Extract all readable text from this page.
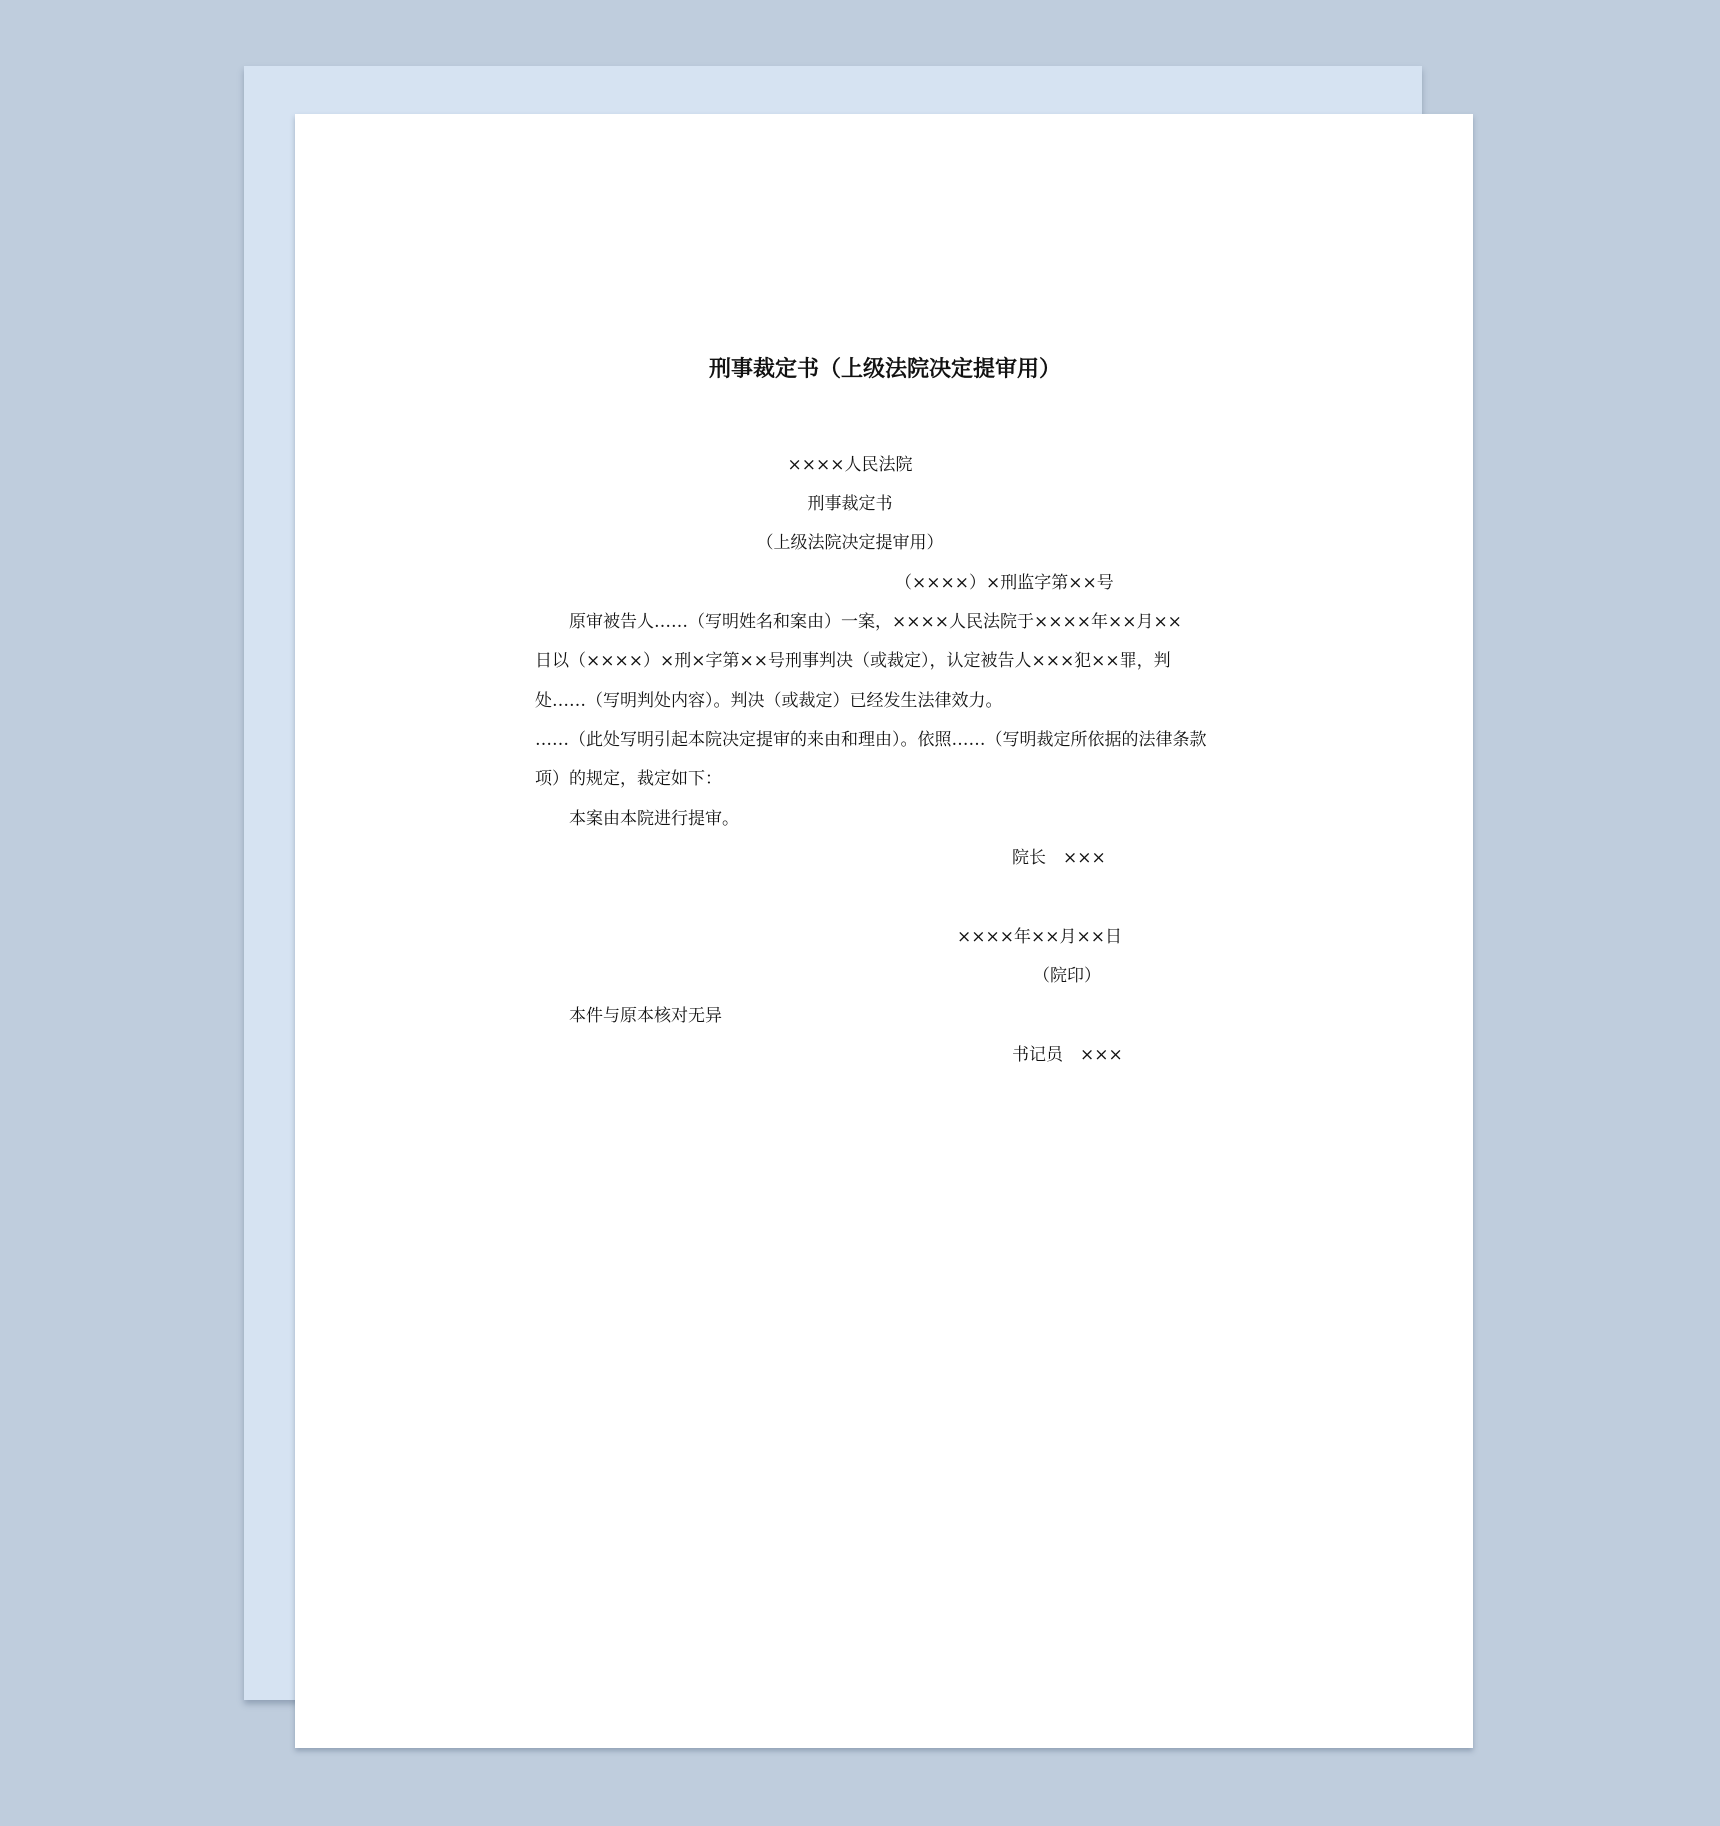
刑事裁定书（上级法院决定提审用）

××××人民法院

刑事裁定书

（上级法院决定提审用）

（××××）×刑监字第××号

原审被告人……（写明姓名和案由）一案，××××人民法院于××××年××月××

日以（××××）×刑×字第××号刑事判决（或裁定），认定被告人×××犯××罪，判

处……（写明判处内容）。判决（或裁定）已经发生法律效力。

……（此处写明引起本院决定提审的来由和理由）。依照……（写明裁定所依据的法律条款

项）的规定，裁定如下：

本案由本院进行提审。

院长　×××

××××年××月××日

（院印）

本件与原本核对无异

书记员　×××
